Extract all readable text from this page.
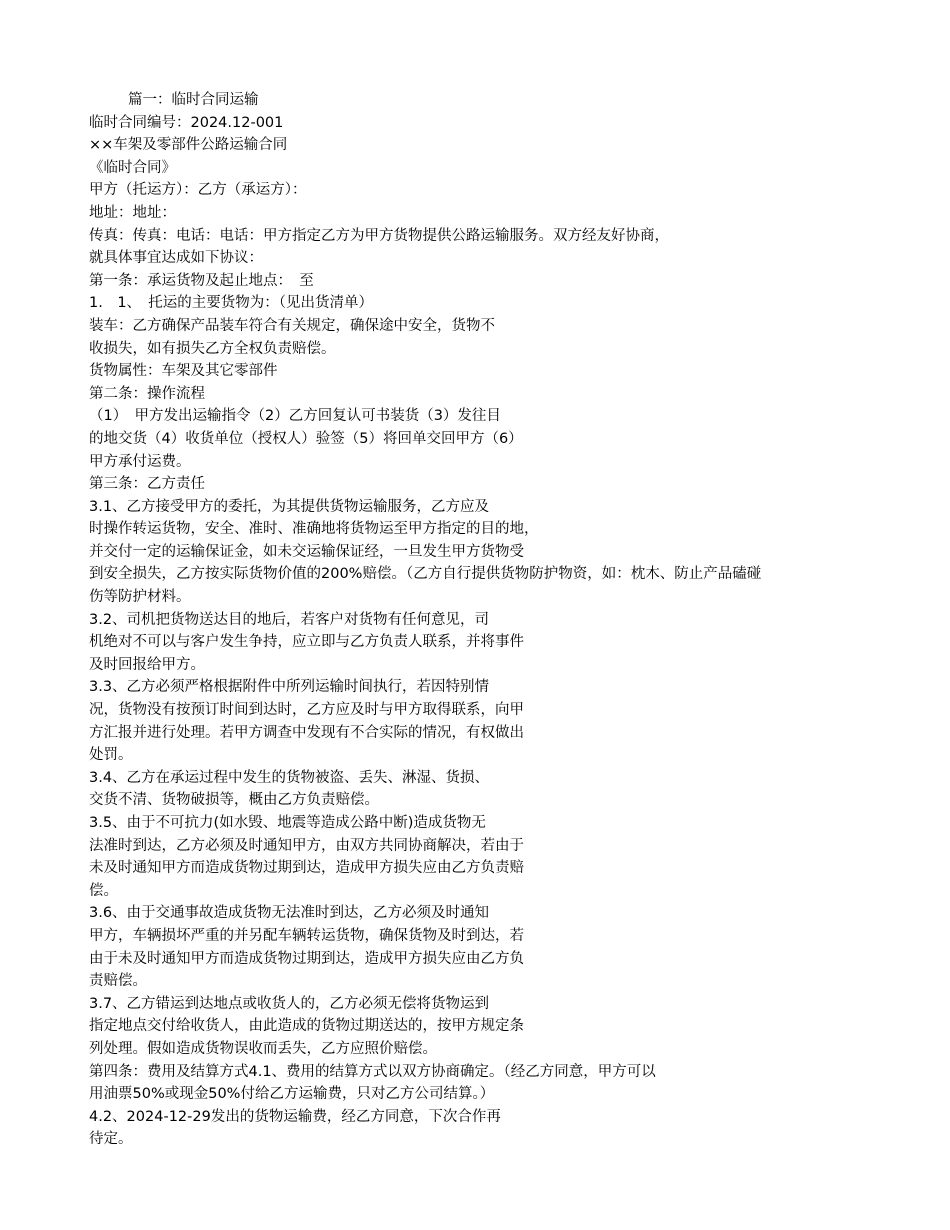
篇一：临时合同运输

临时合同编号：2024.12-001

××车架及零部件公路运输合同

《临时合同》

甲方（托运方）：乙方（承运方）：

地址：地址：

传真：传真：电话：电话：甲方指定乙方为甲方货物提供公路运输服务。双方经友好协商，

就具体事宜达成如下协议：

第一条：承运货物及起止地点：　至

1.　1、　托运的主要货物为：（见出货清单）

装车：乙方确保产品装车符合有关规定，确保途中安全，货物不

收损失，如有损失乙方全权负责赔偿。

货物属性：车架及其它零部件

第二条：操作流程

（1）　甲方发出运输指令（2）乙方回复认可书装货（3）发往目

的地交货（4）收货单位（授权人）验签（5）将回单交回甲方（6）

甲方承付运费。

第三条：乙方责任

3.1、乙方接受甲方的委托，为其提供货物运输服务，乙方应及

时操作转运货物，安全、准时、准确地将货物运至甲方指定的目的地，

并交付一定的运输保证金，如未交运输保证经，一旦发生甲方货物受

到安全损失，乙方按实际货物价值的200%赔偿。（乙方自行提供货物防护物资，如：枕木、防止产品磕碰

伤等防护材料。

3.2、司机把货物送达目的地后，若客户对货物有任何意见，司

机绝对不可以与客户发生争持，应立即与乙方负责人联系，并将事件

及时回报给甲方。

3.3、乙方必须严格根据附件中所列运输时间执行，若因特别情

况，货物没有按预订时间到达时，乙方应及时与甲方取得联系，向甲

方汇报并进行处理。若甲方调查中发现有不合实际的情况，有权做出

处罚。

3.4、乙方在承运过程中发生的货物被盗、丢失、淋湿、货损、

交货不清、货物破损等，概由乙方负责赔偿。

3.5、由于不可抗力(如水毁、地震等造成公路中断)造成货物无

法准时到达，乙方必须及时通知甲方，由双方共同协商解决，若由于

未及时通知甲方而造成货物过期到达，造成甲方损失应由乙方负责赔

偿。

3.6、由于交通事故造成货物无法准时到达，乙方必须及时通知

甲方，车辆损坏严重的并另配车辆转运货物，确保货物及时到达，若

由于未及时通知甲方而造成货物过期到达，造成甲方损失应由乙方负

责赔偿。

3.7、乙方错运到达地点或收货人的，乙方必须无偿将货物运到

指定地点交付给收货人，由此造成的货物过期送达的，按甲方规定条

列处理。假如造成货物误收而丢失，乙方应照价赔偿。

第四条：费用及结算方式4.1、费用的结算方式以双方协商确定。（经乙方同意，甲方可以

用油票50%或现金50%付给乙方运输费，只对乙方公司结算。）

4.2、2024-12-29发出的货物运输费，经乙方同意，下次合作再

待定。
